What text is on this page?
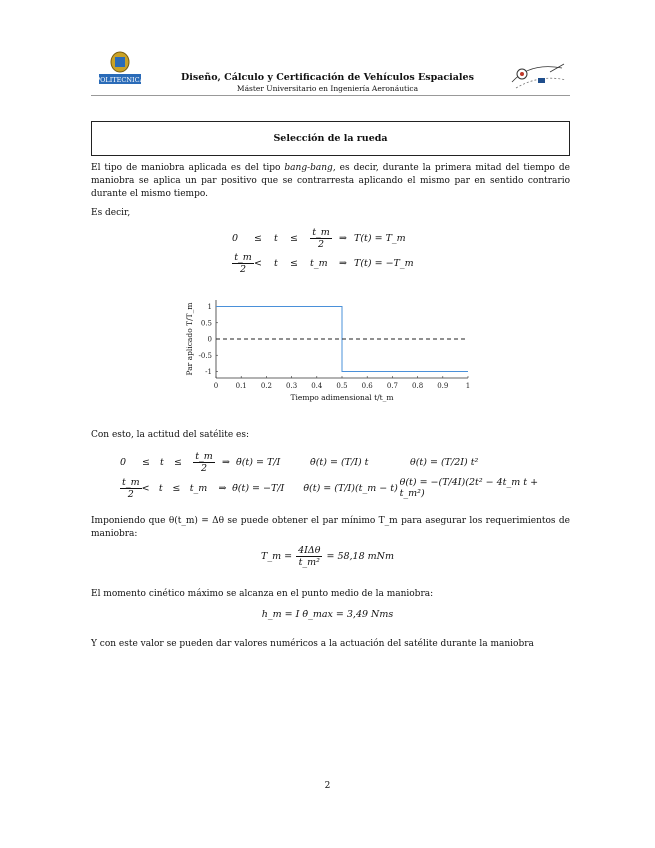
POLITECNICA	Diseño, Cálculo y Certificación de Vehículos Espaciales
Máster Universitario en Ingeniería Aeronáutica
Selección de la rueda
El tipo de maniobra aplicada es del tipo bang-bang, es decir, durante la primera mitad del tiempo de maniobra se aplica un par positivo que se contrarresta aplicando el mismo par en sentido contrario durante el mismo tiempo.
Es decir,
0	≤	t	≤	$\frac{t\_m}{2}$ ⇒ T(t) = T_m
$\frac{t\_m}{2}$ <	t	≤	t_m	⇒ T(t) = −T_m
0 0.1 0.2 0.3 0.4 0.5 0.6 0.7 0.8 0.9 1
-1
-0.5
0
0.5
1
Tiempo adimensional t/t_m
Par aplicado T/T_m
Con esto, la actitud del satélite es:
0	≤	t	≤	$\frac{t\_m}{2}$ ⇒ θ̈(t) = T/I	θ̇(t) = (T/I) t	θ(t) = (T/2I) t²
$\frac{t\_m}{2} < t$	≤ t_m	⇒ θ̈(t) = −T/I	θ̇(t) = (T/I)(t_m − t) θ(t) = −(T/4I)(2t² − 4t_m t + t_m²)
Imponiendo que θ(t_m) = Δθ se puede obtener el par mínimo T_m para asegurar los requerimientos de maniobra:
T_m = $\frac{\text{4IΔθ}}{\text{t\_m²}} = 58,18$ mNm
El momento cinético máximo se alcanza en el punto medio de la maniobra:
h_m = I θ̇_max = 3,49 Nms
Y con este valor se pueden dar valores numéricos a la actuación del satélite durante la maniobra
2
